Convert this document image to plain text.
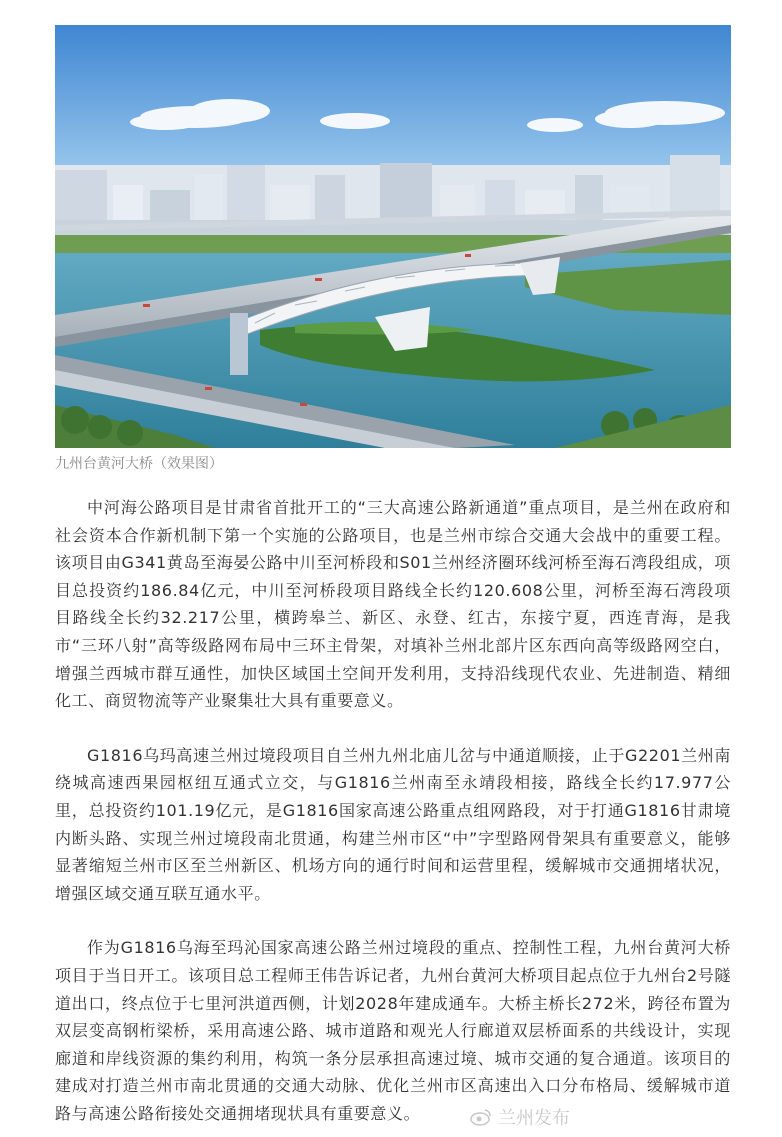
九州台黄河大桥（效果图）

中河海公路项目是甘肃省首批开工的“三大高速公路新通道”重点项目，是兰州在政府和社会资本合作新机制下第一个实施的公路项目，也是兰州市综合交通大会战中的重要工程。该项目由G341黄岛至海晏公路中川至河桥段和S01兰州经济圈环线河桥至海石湾段组成，项目总投资约186.84亿元，中川至河桥段项目路线全长约120.608公里，河桥至海石湾段项目路线全长约32.217公里，横跨皋兰、新区、永登、红古，东接宁夏，西连青海，是我市“三环八射”高等级路网布局中三环主骨架，对填补兰州北部片区东西向高等级路网空白，增强兰西城市群互通性，加快区域国土空间开发利用，支持沿线现代农业、先进制造、精细化工、商贸物流等产业聚集壮大具有重要意义。

G1816乌玛高速兰州过境段项目自兰州九州北庙儿岔与中通道顺接，止于G2201兰州南绕城高速西果园枢纽互通式立交，与G1816兰州南至永靖段相接，路线全长约17.977公里，总投资约101.19亿元，是G1816国家高速公路重点组网路段，对于打通G1816甘肃境内断头路、实现兰州过境段南北贯通，构建兰州市区“中”字型路网骨架具有重要意义，能够显著缩短兰州市区至兰州新区、机场方向的通行时间和运营里程，缓解城市交通拥堵状况，增强区域交通互联互通水平。

作为G1816乌海至玛沁国家高速公路兰州过境段的重点、控制性工程，九州台黄河大桥项目于当日开工。该项目总工程师王伟告诉记者，九州台黄河大桥项目起点位于九州台2号隧道出口，终点位于七里河洪道西侧，计划2028年建成通车。大桥主桥长272米，跨径布置为双层变高钢桁梁桥，采用高速公路、城市道路和观光人行廊道双层桥面系的共线设计，实现廊道和岸线资源的集约利用，构筑一条分层承担高速过境、城市交通的复合通道。该项目的建成对打造兰州市南北贯通的交通大动脉、优化兰州市区高速出入口分布格局、缓解城市道路与高速公路衔接处交通拥堵现状具有重要意义。	兰州发布
